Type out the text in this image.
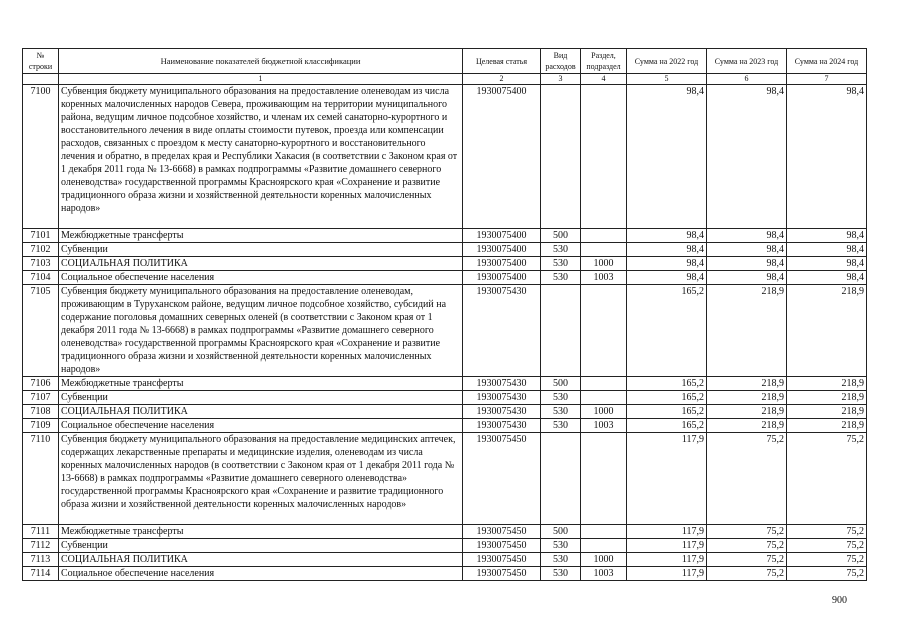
№ строки	Наименование показателей бюджетной классификации	Целевая статья	Вид расходов	Раздел, подраздел	Сумма на 2022 год	Сумма на 2023 год	Сумма на 2024 год
	1	2	3	4	5	6	7
7100	Субвенция бюджету муниципального образования на предоставление оленеводам из числа коренных малочисленных народов Севера, проживающим на территории муниципального района, ведущим личное подсобное хозяйство, и членам их семей санаторно-курортного и восстановительного лечения в виде оплаты стоимости путевок, проезда или компенсации расходов, связанных с проездом к месту санаторно-курортного и восстановительного лечения и обратно, в пределах края и Республики Хакасия (в соответствии с Законом края от 1 декабря 2011 года № 13-6668) в рамках подпрограммы «Развитие домашнего северного оленеводства» государственной программы Красноярского края «Сохранение и развитие традиционного образа жизни и хозяйственной деятельности коренных малочисленных народов»	1930075400			98,4	98,4	98,4
7101	Межбюджетные трансферты	1930075400	500		98,4	98,4	98,4
7102	Субвенции	1930075400	530		98,4	98,4	98,4
7103	СОЦИАЛЬНАЯ ПОЛИТИКА	1930075400	530	1000	98,4	98,4	98,4
7104	Социальное обеспечение населения	1930075400	530	1003	98,4	98,4	98,4
7105	Субвенция бюджету муниципального образования на предоставление оленеводам, проживающим в Туруханском районе, ведущим личное подсобное хозяйство, субсидий на содержание поголовья домашних северных оленей (в соответствии с Законом края от 1 декабря 2011 года № 13-6668) в рамках подпрограммы «Развитие домашнего северного оленеводства» государственной программы Красноярского края «Сохранение и развитие традиционного образа жизни и хозяйственной деятельности коренных малочисленных народов»	1930075430			165,2	218,9	218,9
7106	Межбюджетные трансферты	1930075430	500		165,2	218,9	218,9
7107	Субвенции	1930075430	530		165,2	218,9	218,9
7108	СОЦИАЛЬНАЯ ПОЛИТИКА	1930075430	530	1000	165,2	218,9	218,9
7109	Социальное обеспечение населения	1930075430	530	1003	165,2	218,9	218,9
7110	Субвенция бюджету муниципального образования на предоставление медицинских аптечек, содержащих лекарственные препараты и медицинские изделия, оленеводам из числа коренных малочисленных народов (в соответствии с Законом края от 1 декабря 2011 года № 13-6668) в рамках подпрограммы «Развитие домашнего северного оленеводства» государственной программы Красноярского края «Сохранение и развитие традиционного образа жизни и хозяйственной деятельности коренных малочисленных народов»	1930075450			117,9	75,2	75,2
7111	Межбюджетные трансферты	1930075450	500		117,9	75,2	75,2
7112	Субвенции	1930075450	530		117,9	75,2	75,2
7113	СОЦИАЛЬНАЯ ПОЛИТИКА	1930075450	530	1000	117,9	75,2	75,2
7114	Социальное обеспечение населения	1930075450	530	1003	117,9	75,2	75,2
900
